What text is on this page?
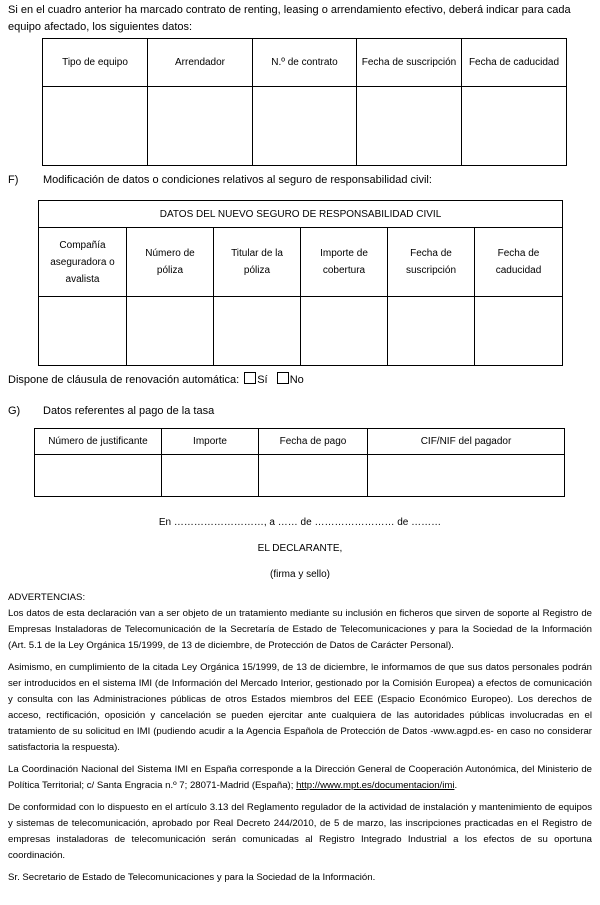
Si en el cuadro anterior ha marcado contrato de renting, leasing o arrendamiento efectivo, deberá indicar para cada equipo afectado, los siguientes datos:
Tipo de equipo	Arrendador	N.º de contrato	Fecha de suscripción	Fecha de caducidad

F) Modificación de datos o condiciones relativos al seguro de responsabilidad civil:
DATOS DEL NUEVO SEGURO DE RESPONSABILIDAD CIVIL					
Compañía aseguradora o avalista	Número de póliza	Titular de la póliza	Importe de cobertura	Fecha de suscripción	Fecha de caducidad

Dispone de cláusula de renovación automática: Sí No
G) Datos referentes al pago de la tasa
Número de justificante	Importe	Fecha de pago	CIF/NIF del pagador

En ………………………, a …… de …………………… de ………
EL DECLARANTE,
(firma y sello)
ADVERTENCIAS:

Los datos de esta declaración van a ser objeto de un tratamiento mediante su inclusión en ficheros que sirven de soporte al Registro de Empresas Instaladoras de Telecomunicación de la Secretaría de Estado de Telecomunicaciones y para la Sociedad de la Información (Art. 5.1 de la Ley Orgánica 15/1999, de 13 de diciembre, de Protección de Datos de Carácter Personal).

Asimismo, en cumplimiento de la citada Ley Orgánica 15/1999, de 13 de diciembre, le informamos de que sus datos personales podrán ser introducidos en el sistema IMI (de Información del Mercado Interior, gestionado por la Comisión Europea) a efectos de comunicación y consulta con las Administraciones públicas de otros Estados miembros del EEE (Espacio Económico Europeo). Los derechos de acceso, rectificación, oposición y cancelación se pueden ejercitar ante cualquiera de las autoridades públicas involucradas en el tratamiento de su solicitud en IMI (pudiendo acudir a la Agencia Española de Protección de Datos -www.agpd.es- en caso no considerar satisfactoria la respuesta).

La Coordinación Nacional del Sistema IMI en España corresponde a la Dirección General de Cooperación Autonómica, del Ministerio de Política Territorial; c/ Santa Engracia n.º 7; 28071-Madrid (España); http://www.mpt.es/documentacion/imi.

De conformidad con lo dispuesto en el artículo 3.13 del Reglamento regulador de la actividad de instalación y mantenimiento de equipos y sistemas de telecomunicación, aprobado por Real Decreto 244/2010, de 5 de marzo, las inscripciones practicadas en el Registro de empresas instaladoras de telecomunicación serán comunicadas al Registro Integrado Industrial a los efectos de su oportuna coordinación.

Sr. Secretario de Estado de Telecomunicaciones y para la Sociedad de la Información.
